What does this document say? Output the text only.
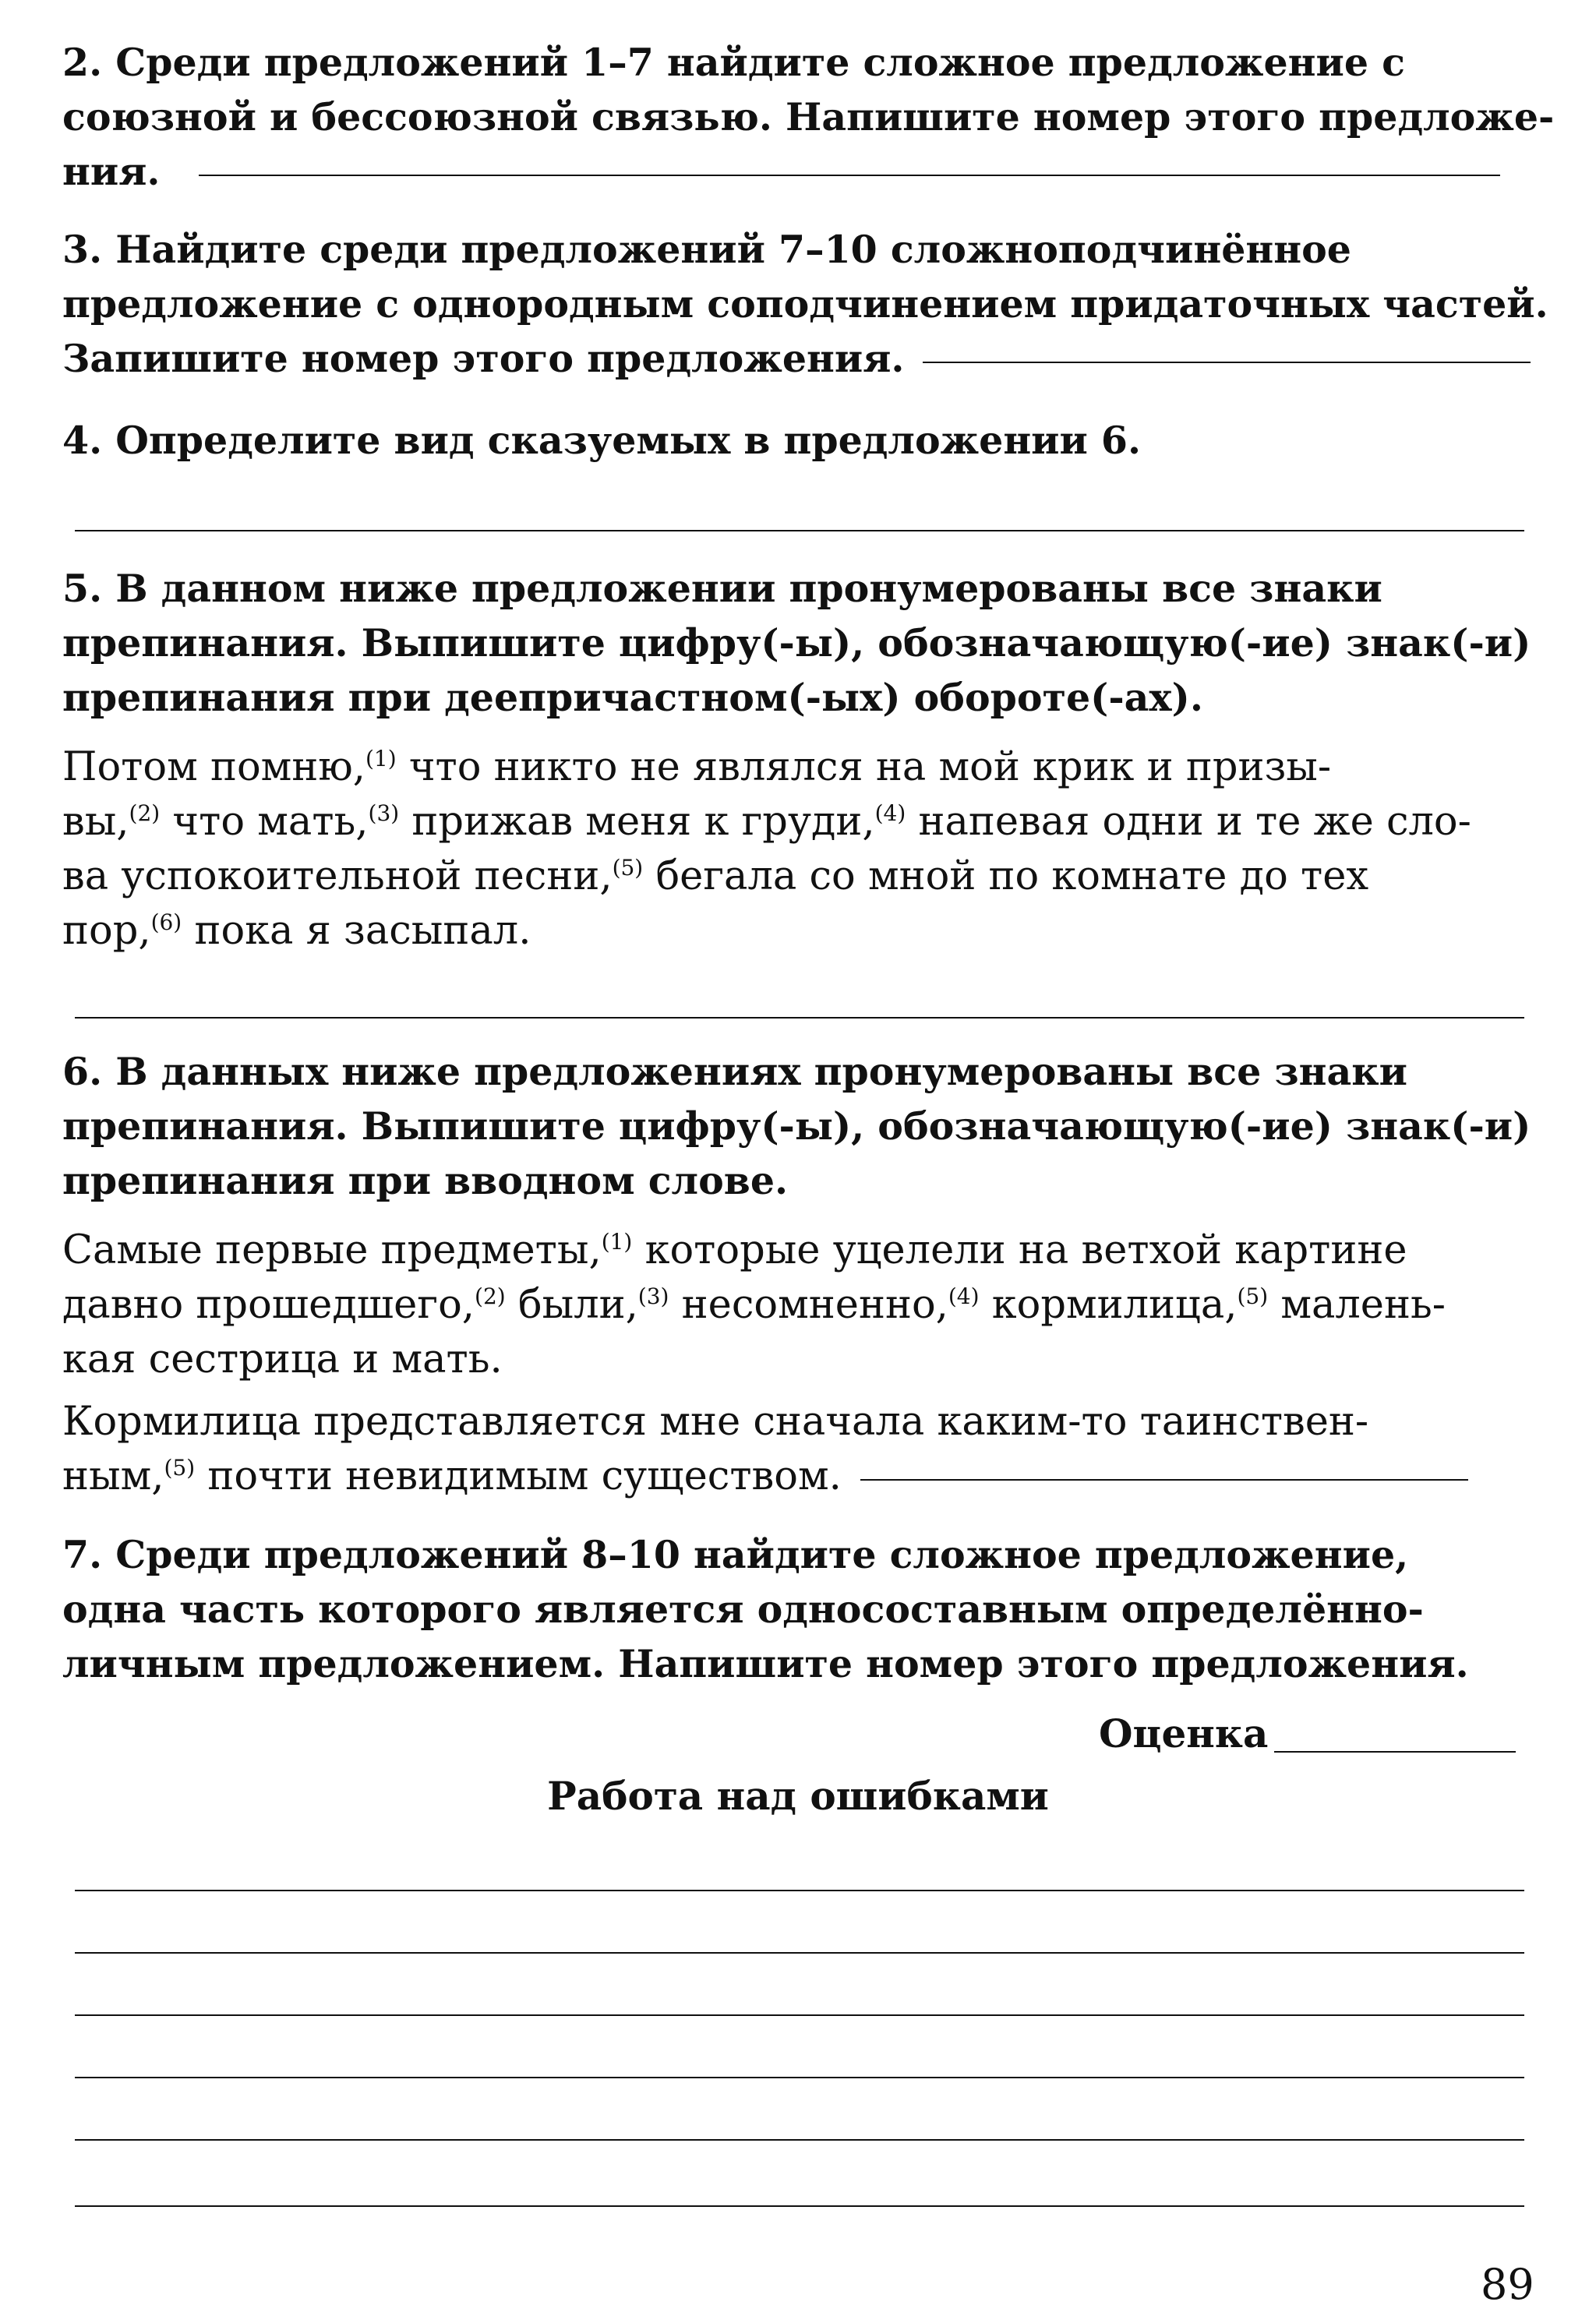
2. Среди предложений 1–7 найдите сложное предложение с
союзной и бессоюзной связью. Напишите номер этого предложе-
ния.
3. Найдите среди предложений 7–10 сложноподчинённое
предложение с однородным соподчинением придаточных частей.
Запишите номер этого предложения.
4. Определите вид сказуемых в предложении 6.
5. В данном ниже предложении пронумерованы все знаки
препинания. Выпишите цифру(-ы), обозначающую(-ие) знак(-и)
препинания при деепричастном(-ых) обороте(-ах).
Потом помню,$^{(1)}$ что никто не являлся на мой крик и призы-
вы,$^{(2)}$ что мать,$^{(3)}$ прижав меня к груди,$^{(4)}$ напевая одни и те же сло-
ва успокоительной песни,$^{(5)}$ бегала со мной по комнате до тех
пор,$^{(6)}$ пока я засыпал.
6. В данных ниже предложениях пронумерованы все знаки
препинания. Выпишите цифру(-ы), обозначающую(-ие) знак(-и)
препинания при вводном слове.
Самые первые предметы,$^{(1)}$ которые уцелели на ветхой картине
давно прошедшего,$^{(2)}$ были,$^{(3)}$ несомненно,$^{(4)}$ кормилица,$^{(5)}$ малень-
кая сестрица и мать.
Кормилица представляется мне сначала каким-то таинствен-
ным,$^{(5)}$ почти невидимым существом.
7. Среди предложений 8–10 найдите сложное предложение,
одна часть которого является односоставным определённо-
личным предложением. Напишите номер этого предложения.
Оценка
Работа над ошибками
89
